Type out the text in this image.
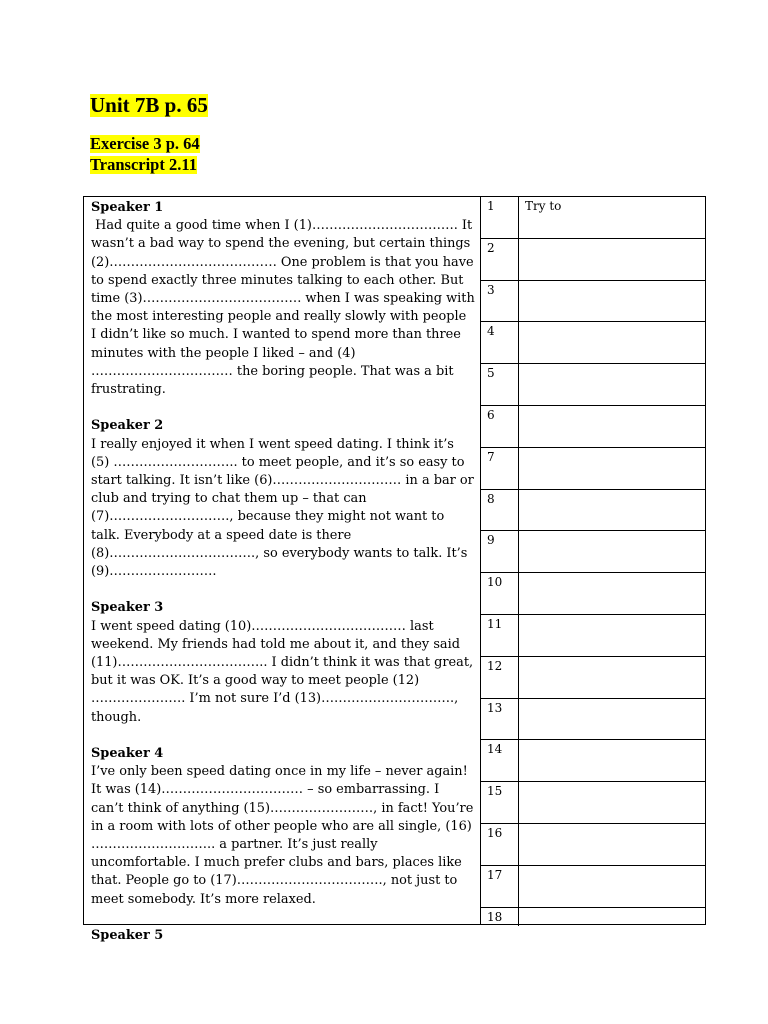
Unit 7B p. 65
Exercise 3 p. 64
Transcript 2.11
Speaker 1
Had quite a good time when I (1)……………………………. It wasn’t a bad way to spend the evening, but certain things (2)………………………………… One problem is that you have to spend exactly three minutes talking to each other. But time (3)………………………………. when I was speaking with the most interesting people and really slowly with people I didn’t like so much. I wanted to spend more than three minutes with the people I liked – and (4) …………………………… the boring people. That was a bit frustrating.
Speaker 2
I really enjoyed it when I went speed dating. I think it’s (5) ……………………….. to meet people, and it’s so easy to start talking. It isn’t like (6)………………………… in a bar or club and trying to chat them up – that can (7)………………………., because they might not want to talk. Everybody at a speed date is there (8)……………………………., so everybody wants to talk. It’s (9)…………………….
Speaker 3
I went speed dating (10)……………………………… last weekend. My friends had told me about it, and they said (11)…………………………….. I didn’t think it was that great, but it was OK. It’s a good way to meet people (12) …………………. I’m not sure I’d (13)…………………………., though.
Speaker 4
I’ve only been speed dating once in my life – never again! It was (14)…………………………… – so embarrassing. I can’t think of anything (15)……………………, in fact! You’re in a room with lots of other people who are all single, (16) ……………………….. a partner. It’s just really uncomfortable. I much prefer clubs and bars, places like that. People go to (17)……………………………., not just to meet somebody. It’s more relaxed.
Speaker 5
1	Try to
2
3
4
5
6
7
8
9
10
11
12
13
14
15
16
17
18
